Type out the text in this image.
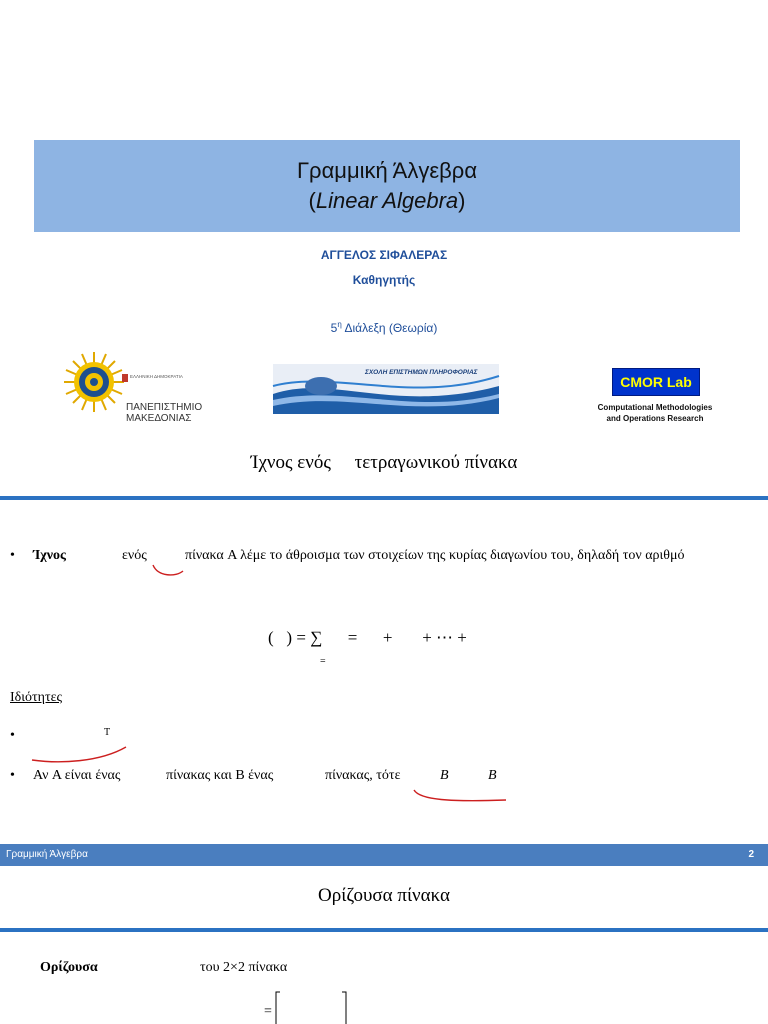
Γραμμική Άλγεβρα
(Linear Algebra)
ΑΓΓΕΛΟΣ ΣΙΦΑΛΕΡΑΣ
Καθηγητής
$5^\eta$ Διάλεξη (Θεωρία)
ΕΛΛΗΝΙΚΗ ΔΗΜΟΚΡΑΤΙΑ
ΠΑΝΕΠΙΣΤΗΜΙΟ
ΜΑΚΕΔΟΝΙΑΣ
ΣΧΟΛΗ ΕΠΙΣΤΗΜΩΝ ΠΛΗΡΟΦΟΡΙΑΣ
CMOR Lab
Computational Methodologies
and Operations Research
Ίχνος ενός     τετραγωνικού πίνακα
• Ίχνος	ενός	πίνακα A λέμε το άθροισμα των στοιχείων της κυρίας διαγωνίου του, δηλαδή τον αριθμό
(   ) = ∑      =      +       + ⋯ +
=
Ιδιότητες
•	T
• Αν A είναι ένας	πίνακας και B ένας	πίνακας, τότε	B	B
Γραμμική Άλγεβρα	2
Ορίζουσα πίνακα
Ορίζουσα	του 2×2 πίνακα
=
